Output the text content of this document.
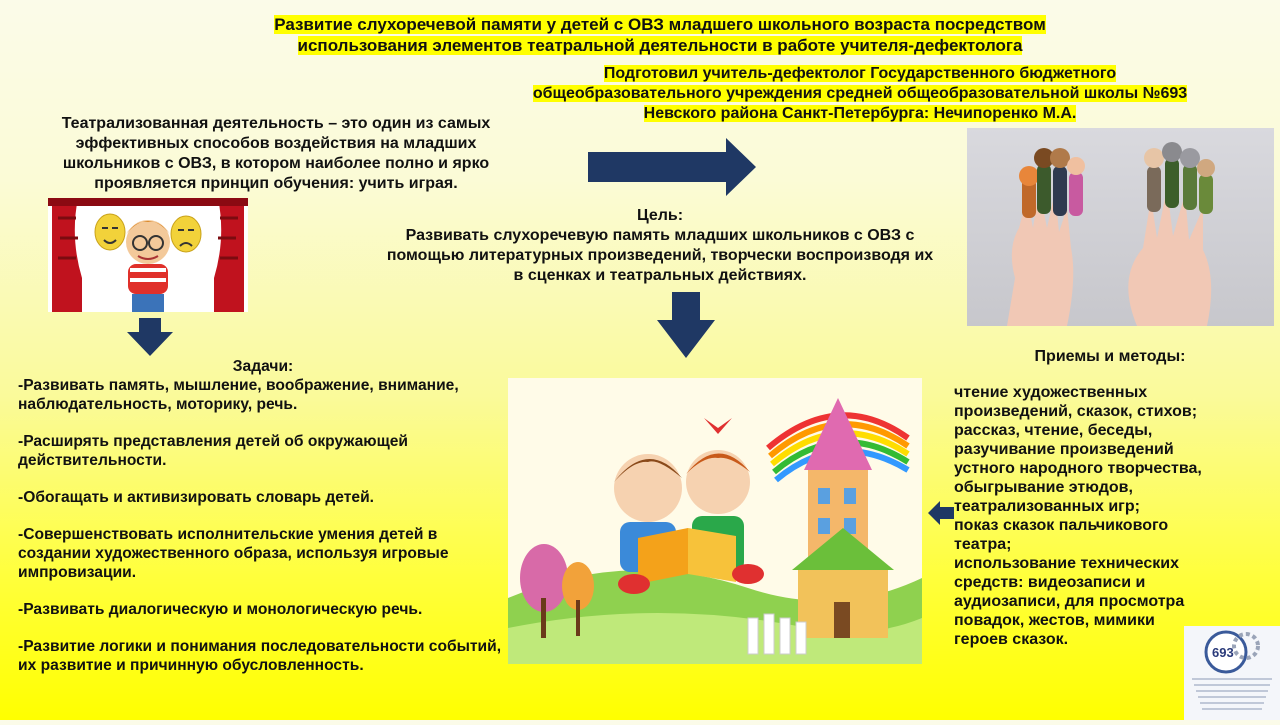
Развитие слухоречевой памяти у детей с ОВЗ младшего школьного возраста посредством
использования элементов театральной деятельности в работе учителя-дефектолога
Подготовил учитель-дефектолог Государственного бюджетного
общеобразовательного учреждения средней общеобразовательной школы №693
Невского района Санкт-Петербурга: Нечипоренко М.А.
Театрализованная деятельность – это один из самых
эффективных способов воздействия на младших
школьников с ОВЗ, в котором наиболее полно и ярко
проявляется принцип обучения: учить играя.
Цель:
Развивать слухоречевую память младших школьников с ОВЗ с
помощью литературных произведений, творчески воспроизводя их
в сценках и театральных действиях.

Задачи:

-Развивать память, мышление, воображение, внимание, наблюдательность, моторику, речь.

-Расширять представления детей об окружающей действительности.

-Обогащать и активизировать словарь детей.

-Совершенствовать исполнительские умения детей в создании художественного образа, используя игровые импровизации.

-Развивать диалогическую и монологическую речь.

-Развитие логики и понимания последовательности событий, их развитие и причинную обусловленность.

Приемы и методы:
чтение художественных
произведений, сказок, стихов;
рассказ, чтение, беседы,
разучивание произведений
устного народного творчества,
обыгрывание этюдов,
театрализованных игр;
показ сказок пальчикового
театра;
использование технических
средств: видеозаписи и
аудиозаписи, для просмотра
повадок, жестов, мимики
героев сказок.
693
